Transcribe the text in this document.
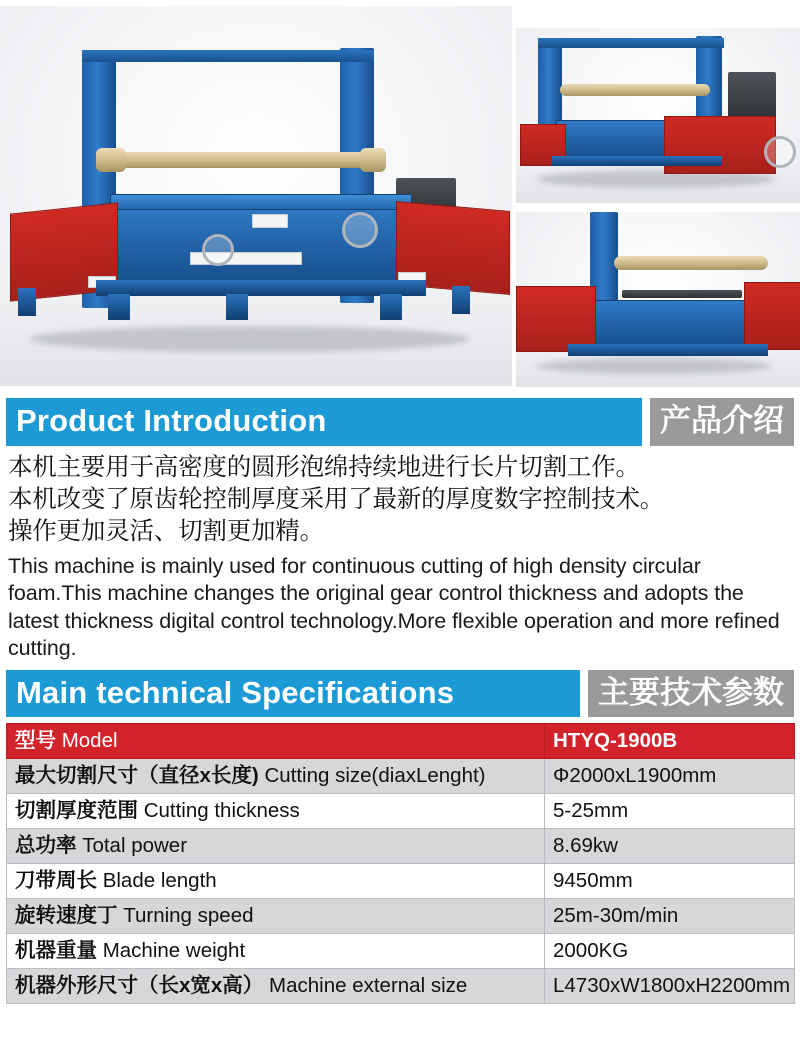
Product Introduction	产品介绍
本机主要用于高密度的圆形泡绵持续地进行长片切割工作。
本机改变了原齿轮控制厚度采用了最新的厚度数字控制技术。
操作更加灵活、切割更加精。
This machine is mainly used for continuous cutting of high density circular foam.This machine changes the original gear control thickness and adopts the latest thickness digital control technology.More flexible operation and more refined cutting.
Main technical Specifications	主要技术参数
型号 Model	HTYQ-1900B
最大切割尺寸（直径x长度) Cutting size(diaxLenght)	Φ2000xL1900mm
切割厚度范围 Cutting thickness	5-25mm
总功率 Total power	8.69kw
刀带周长 Blade length	9450mm
旋转速度丁 Turning speed	25m-30m/min
机器重量 Machine weight	2000KG
机器外形尺寸（长x宽x高） Machine external size	L4730xW1800xH2200mm
